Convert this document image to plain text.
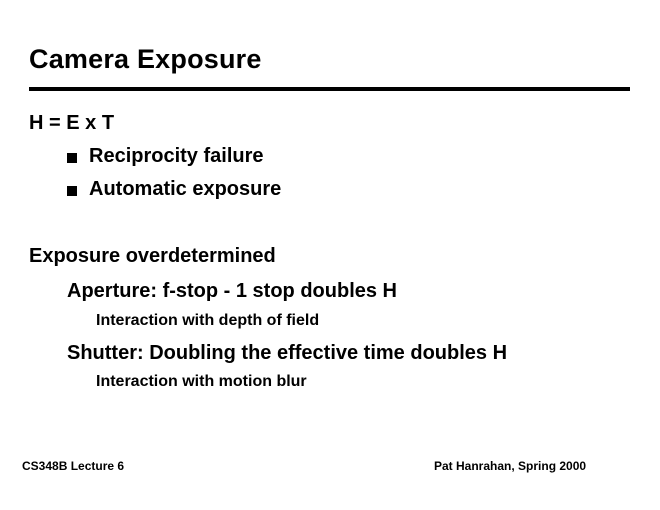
Camera Exposure
H = E x T
Reciprocity failure
Automatic exposure
Exposure overdetermined
Aperture: f-stop - 1 stop doubles H
Interaction with depth of field
Shutter: Doubling the effective time doubles H
Interaction with motion blur
CS348B Lecture 6	Pat Hanrahan, Spring 2000
